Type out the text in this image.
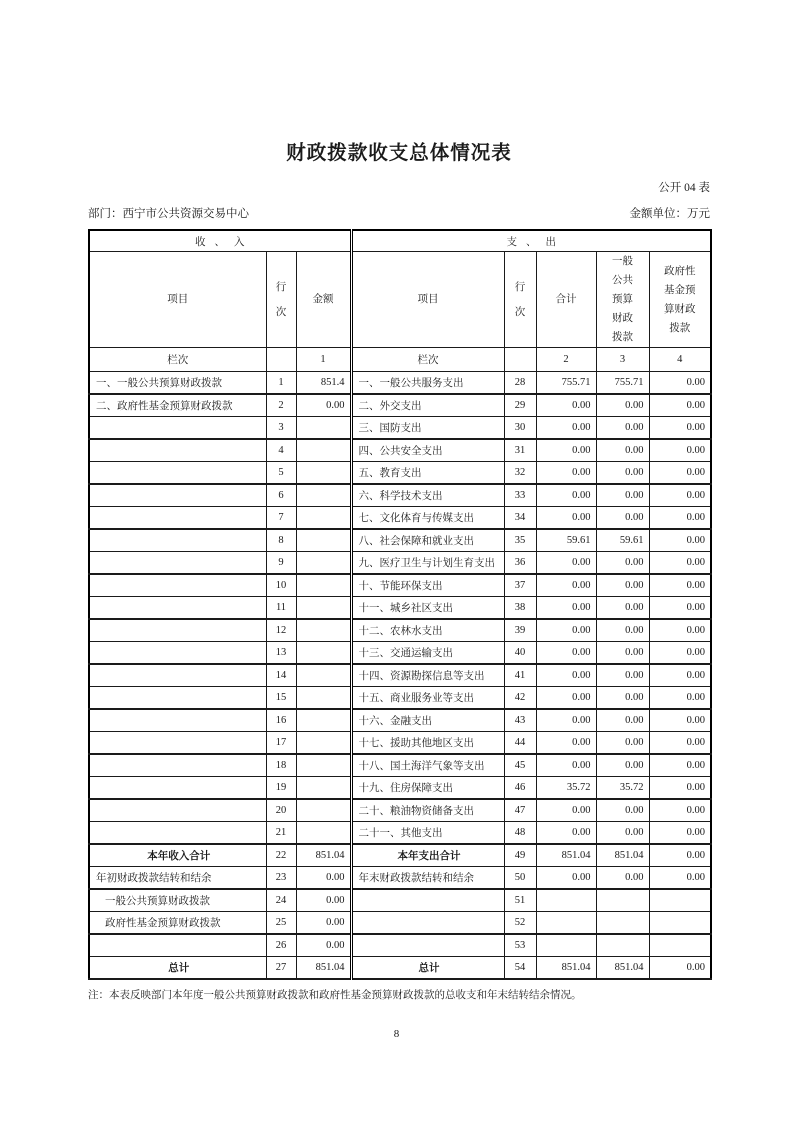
财政拨款收支总体情况表
公开 04 表
部门：西宁市公共资源交易中心	金额单位：万元
收、入			支、出				
项目	行次	金额	项目	行次	合计	一般公共预算财政拨款	政府性基金预算财政拨款
栏次		1	栏次		2	3	4
一、一般公共预算财政拨款	1	851.4	一、一般公共服务支出	28	755.71	755.71	0.00
二、政府性基金预算财政拨款	2	0.00	二、外交支出	29	0.00	0.00	0.00
	3		三、国防支出	30	0.00	0.00	0.00
	4		四、公共安全支出	31	0.00	0.00	0.00
	5		五、教育支出	32	0.00	0.00	0.00
	6		六、科学技术支出	33	0.00	0.00	0.00
	7		七、文化体育与传媒支出	34	0.00	0.00	0.00
	8		八、社会保障和就业支出	35	59.61	59.61	0.00
	9		九、医疗卫生与计划生育支出	36	0.00	0.00	0.00
	10		十、节能环保支出	37	0.00	0.00	0.00
	11		十一、城乡社区支出	38	0.00	0.00	0.00
	12		十二、农林水支出	39	0.00	0.00	0.00
	13		十三、交通运输支出	40	0.00	0.00	0.00
	14		十四、资源勘探信息等支出	41	0.00	0.00	0.00
	15		十五、商业服务业等支出	42	0.00	0.00	0.00
	16		十六、金融支出	43	0.00	0.00	0.00
	17		十七、援助其他地区支出	44	0.00	0.00	0.00
	18		十八、国土海洋气象等支出	45	0.00	0.00	0.00
	19		十九、住房保障支出	46	35.72	35.72	0.00
	20		二十、粮油物资储备支出	47	0.00	0.00	0.00
	21		二十一、其他支出	48	0.00	0.00	0.00
本年收入合计	22	851.04	本年支出合计	49	851.04	851.04	0.00
年初财政拨款结转和结余	23	0.00	年末财政拨款结转和结余	50	0.00	0.00	0.00
一般公共预算财政拨款	24	0.00		51			
政府性基金预算财政拨款	25	0.00		52			
	26	0.00		53			
总计	27	851.04	总计	54	851.04	851.04	0.00
注：本表反映部门本年度一般公共预算财政拨款和政府性基金预算财政拨款的总收支和年末结转结余情况。
8
